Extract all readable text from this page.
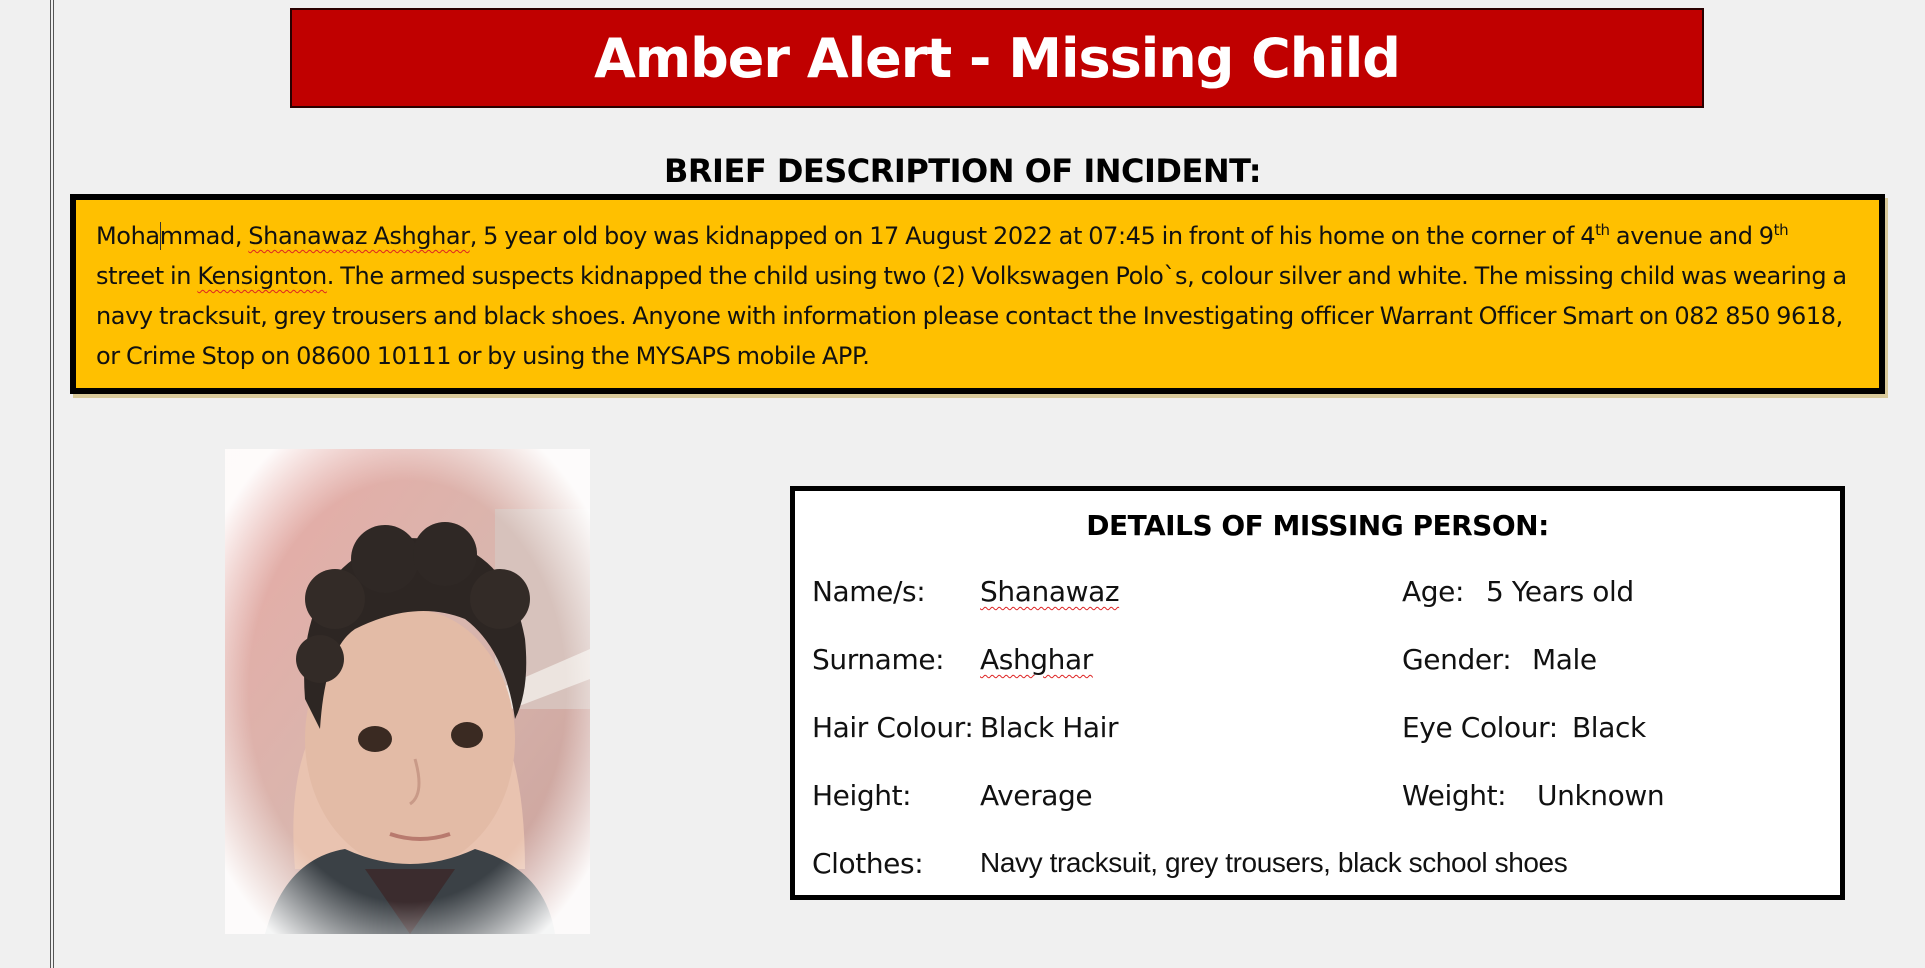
Amber Alert - Missing Child
BRIEF DESCRIPTION OF INCIDENT:

Mohammad, Shanawaz Ashghar, 5 year old boy was kidnapped on 17 August 2022 at 07:45 in front of his home on the corner of 4th avenue and 9th street in Kensignton. The armed suspects kidnapped the child using two (2) Volkswagen Polo`s, colour silver and white. The missing child was wearing a navy tracksuit, grey trousers and black shoes. Anyone with information please contact the Investigating officer Warrant Officer Smart on 082 850 9618, or Crime Stop on 08600 10111 or by using the MYSAPS mobile APP.

DETAILS OF MISSING PERSON:
Name/s: Shanawaz	Age: 5 Years old
Surname: Ashghar	Gender: Male
Hair Colour: Black Hair	Eye Colour: Black
Height: Average	Weight: Unknown
Clothes: Navy tracksuit, grey trousers, black school shoes
